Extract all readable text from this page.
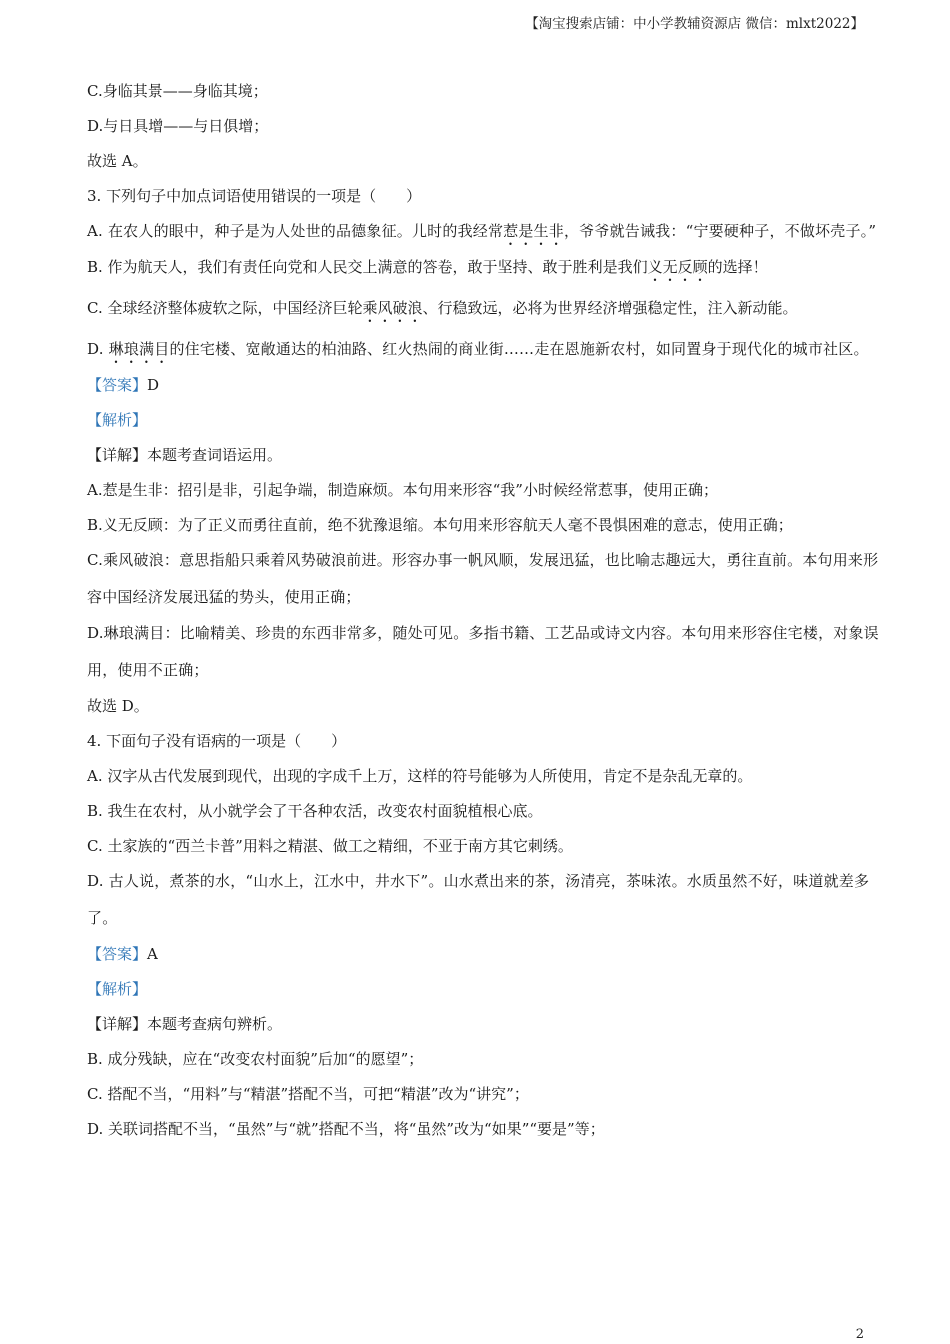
【淘宝搜索店铺：中小学教辅资源店 微信：mlxt2022】
C.身临其景——身临其境；
D.与日具增——与日俱增；
故选 A。
3. 下列句子中加点词语使用错误的一项是（　　）
A. 在农人的眼中，种子是为人处世的品德象征。儿时的我经常惹是生非，爷爷就告诫我：“宁要硬种子，不做坏壳子。”
B. 作为航天人，我们有责任向党和人民交上满意的答卷，敢于坚持、敢于胜利是我们义无反顾的选择！
C. 全球经济整体疲软之际，中国经济巨轮乘风破浪、行稳致远，必将为世界经济增强稳定性，注入新动能。
D. 琳琅满目的住宅楼、宽敞通达的柏油路、红火热闹的商业街……走在恩施新农村，如同置身于现代化的城市社区。
【答案】D
【解析】
【详解】本题考查词语运用。
A.惹是生非：招引是非，引起争端，制造麻烦。本句用来形容“我”小时候经常惹事，使用正确；
B.义无反顾：为了正义而勇往直前，绝不犹豫退缩。本句用来形容航天人毫不畏惧困难的意志，使用正确；
C.乘风破浪：意思指船只乘着风势破浪前进。形容办事一帆风顺，发展迅猛，也比喻志趣远大，勇往直前。本句用来形容中国经济发展迅猛的势头，使用正确；
D.琳琅满目：比喻精美、珍贵的东西非常多，随处可见。多指书籍、工艺品或诗文内容。本句用来形容住宅楼，对象误用，使用不正确；
故选 D。
4. 下面句子没有语病的一项是（　　）
A. 汉字从古代发展到现代，出现的字成千上万，这样的符号能够为人所使用，肯定不是杂乱无章的。
B. 我生在农村，从小就学会了干各种农活，改变农村面貌植根心底。
C. 土家族的“西兰卡普”用料之精湛、做工之精细，不亚于南方其它刺绣。
D. 古人说，煮茶的水，“山水上，江水中，井水下”。山水煮出来的茶，汤清亮，茶味浓。水质虽然不好，味道就差多了。
【答案】A
【解析】
【详解】本题考查病句辨析。
B. 成分残缺，应在“改变农村面貌”后加“的愿望”；
C. 搭配不当，“用料”与“精湛”搭配不当，可把“精湛”改为“讲究”；
D. 关联词搭配不当，“虽然”与“就”搭配不当，将“虽然”改为“如果”“要是”等；
2
